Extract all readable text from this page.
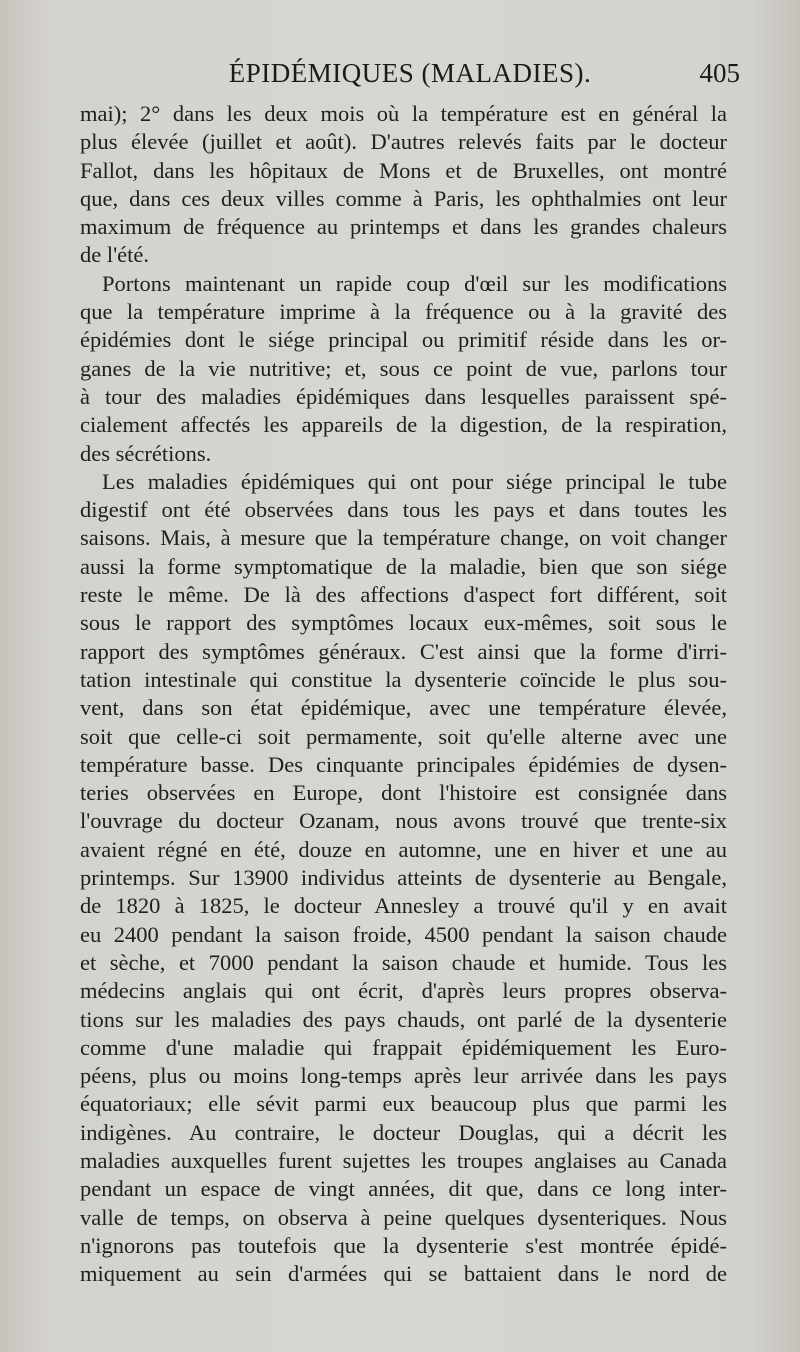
ÉPIDÉMIQUES (MALADIES).	405
mai); 2° dans les deux mois où la température est en général la
plus élevée (juillet et août). D'autres relevés faits par le docteur
Fallot, dans les hôpitaux de Mons et de Bruxelles, ont montré
que, dans ces deux villes comme à Paris, les ophthalmies ont leur
maximum de fréquence au printemps et dans les grandes chaleurs
de l'été.
Portons maintenant un rapide coup d'œil sur les modifications
que la température imprime à la fréquence ou à la gravité des
épidémies dont le siége principal ou primitif réside dans les or-
ganes de la vie nutritive; et, sous ce point de vue, parlons tour
à tour des maladies épidémiques dans lesquelles paraissent spé-
cialement affectés les appareils de la digestion, de la respiration,
des sécrétions.
Les maladies épidémiques qui ont pour siége principal le tube
digestif ont été observées dans tous les pays et dans toutes les
saisons. Mais, à mesure que la température change, on voit changer
aussi la forme symptomatique de la maladie, bien que son siége
reste le même. De là des affections d'aspect fort différent, soit
sous le rapport des symptômes locaux eux-mêmes, soit sous le
rapport des symptômes généraux. C'est ainsi que la forme d'irri-
tation intestinale qui constitue la dysenterie coïncide le plus sou-
vent, dans son état épidémique, avec une température élevée,
soit que celle-ci soit permamente, soit qu'elle alterne avec une
température basse. Des cinquante principales épidémies de dysen-
teries observées en Europe, dont l'histoire est consignée dans
l'ouvrage du docteur Ozanam, nous avons trouvé que trente-six
avaient régné en été, douze en automne, une en hiver et une au
printemps. Sur 13900 individus atteints de dysenterie au Bengale,
de 1820 à 1825, le docteur Annesley a trouvé qu'il y en avait
eu 2400 pendant la saison froide, 4500 pendant la saison chaude
et sèche, et 7000 pendant la saison chaude et humide. Tous les
médecins anglais qui ont écrit, d'après leurs propres observa-
tions sur les maladies des pays chauds, ont parlé de la dysenterie
comme d'une maladie qui frappait épidémiquement les Euro-
péens, plus ou moins long-temps après leur arrivée dans les pays
équatoriaux; elle sévit parmi eux beaucoup plus que parmi les
indigènes. Au contraire, le docteur Douglas, qui a décrit les
maladies auxquelles furent sujettes les troupes anglaises au Canada
pendant un espace de vingt années, dit que, dans ce long inter-
valle de temps, on observa à peine quelques dysenteriques. Nous
n'ignorons pas toutefois que la dysenterie s'est montrée épidé-
miquement au sein d'armées qui se battaient dans le nord de
